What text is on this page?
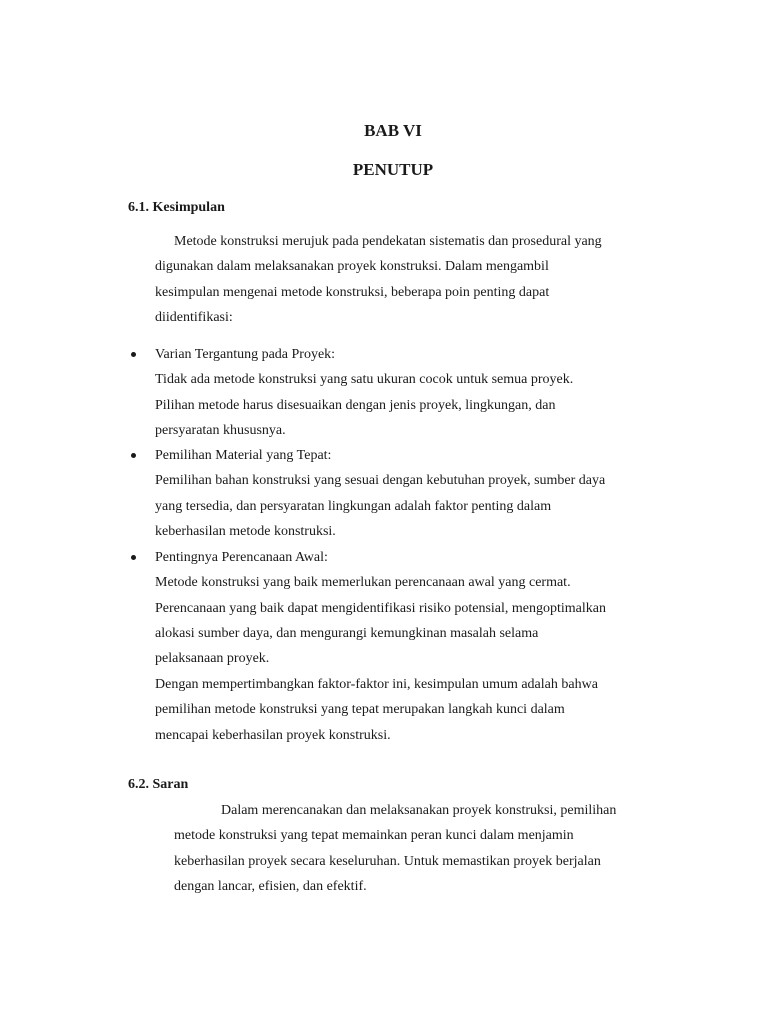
BAB VI
PENUTUP
6.1. Kesimpulan
Metode konstruksi merujuk pada pendekatan sistematis dan prosedural yang
digunakan dalam melaksanakan proyek konstruksi. Dalam mengambil
kesimpulan mengenai metode konstruksi, beberapa poin penting dapat
diidentifikasi:
Varian Tergantung pada Proyek:
Tidak ada metode konstruksi yang satu ukuran cocok untuk semua proyek.
Pilihan metode harus disesuaikan dengan jenis proyek, lingkungan, dan
persyaratan khususnya.
Pemilihan Material yang Tepat:
Pemilihan bahan konstruksi yang sesuai dengan kebutuhan proyek, sumber daya
yang tersedia, dan persyaratan lingkungan adalah faktor penting dalam
keberhasilan metode konstruksi.
Pentingnya Perencanaan Awal:
Metode konstruksi yang baik memerlukan perencanaan awal yang cermat.
Perencanaan yang baik dapat mengidentifikasi risiko potensial, mengoptimalkan
alokasi sumber daya, dan mengurangi kemungkinan masalah selama
pelaksanaan proyek.
Dengan mempertimbangkan faktor-faktor ini, kesimpulan umum adalah bahwa
pemilihan metode konstruksi yang tepat merupakan langkah kunci dalam
mencapai keberhasilan proyek konstruksi.
6.2. Saran
Dalam merencanakan dan melaksanakan proyek konstruksi, pemilihan
metode konstruksi yang tepat memainkan peran kunci dalam menjamin
keberhasilan proyek secara keseluruhan. Untuk memastikan proyek berjalan
dengan lancar, efisien, dan efektif.
